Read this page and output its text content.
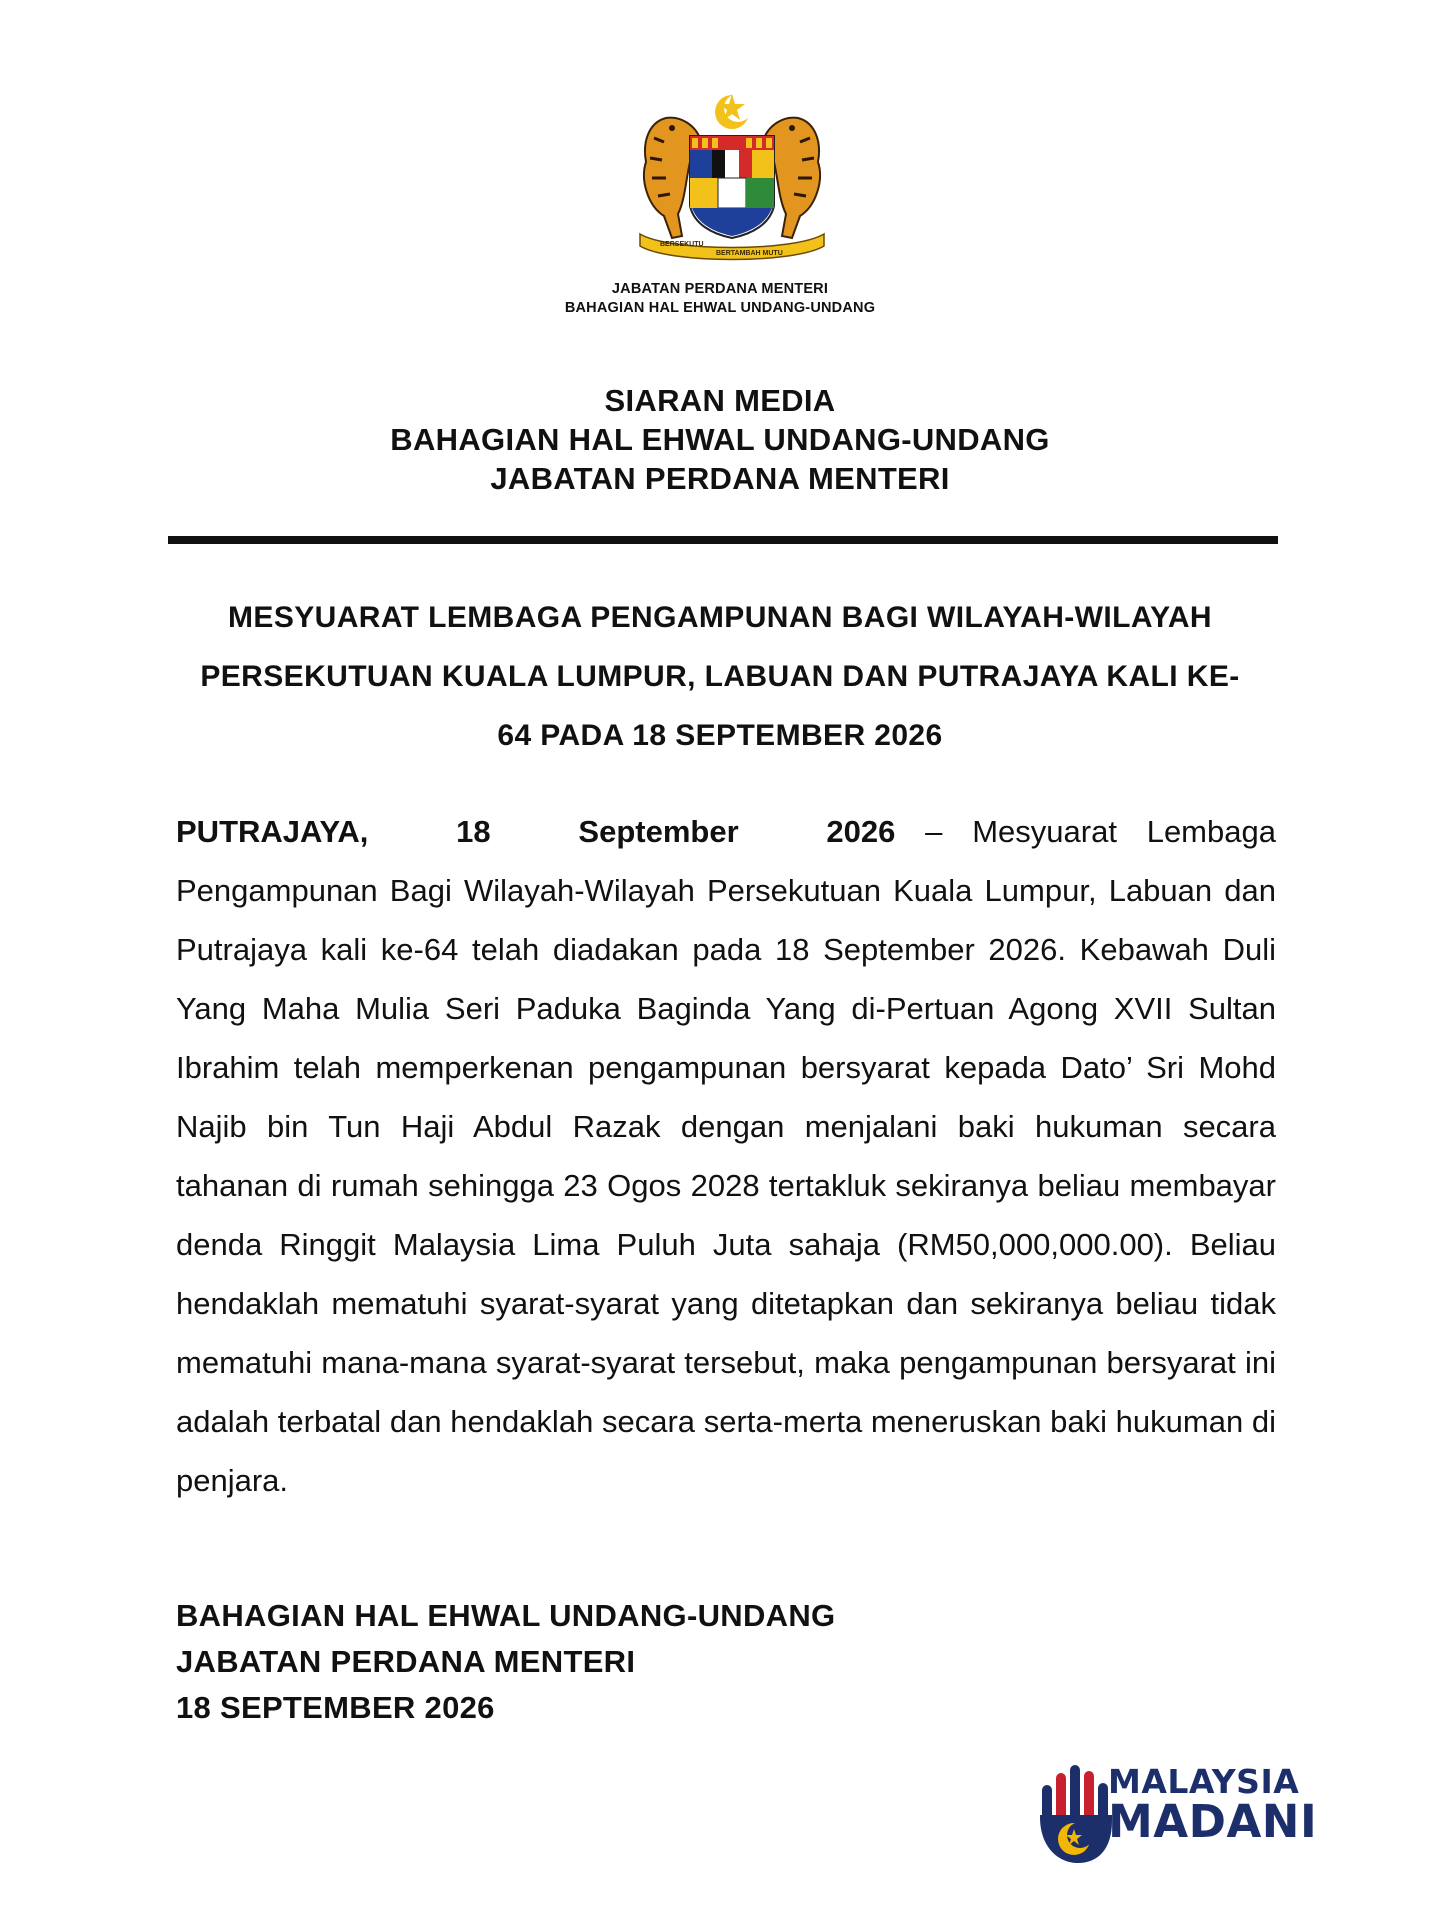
BERSEKUTU
BERTAMBAH MUTU
JABATAN PERDANA MENTERI
BAHAGIAN HAL EHWAL UNDANG-UNDANG
SIARAN MEDIA
BAHAGIAN HAL EHWAL UNDANG-UNDANG
JABATAN PERDANA MENTERI
MESYUARAT LEMBAGA PENGAMPUNAN BAGI WILAYAH-WILAYAH PERSEKUTUAN KUALA LUMPUR, LABUAN DAN PUTRAJAYA KALI KE-64 PADA 18 SEPTEMBER 2026

PUTRAJAYA, 18 September 2026 – Mesyuarat Lembaga Pengampunan Bagi Wilayah-Wilayah Persekutuan Kuala Lumpur, Labuan dan Putrajaya kali ke-64 telah diadakan pada 18 September 2026. Kebawah Duli Yang Maha Mulia Seri Paduka Baginda Yang di-Pertuan Agong XVII Sultan Ibrahim telah memperkenan pengampunan bersyarat kepada Dato’ Sri Mohd Najib bin Tun Haji Abdul Razak dengan menjalani baki hukuman secara tahanan di rumah sehingga 23 Ogos 2028 tertakluk sekiranya beliau membayar denda Ringgit Malaysia Lima Puluh Juta sahaja (RM50,000,000.00). Beliau hendaklah mematuhi syarat-syarat yang ditetapkan dan sekiranya beliau tidak mematuhi mana-mana syarat-syarat tersebut, maka pengampunan bersyarat ini adalah terbatal dan hendaklah secara serta-merta meneruskan baki hukuman di penjara.

BAHAGIAN HAL EHWAL UNDANG-UNDANG
JABATAN PERDANA MENTERI
18 SEPTEMBER 2026
MALAYSIA
MADANI
